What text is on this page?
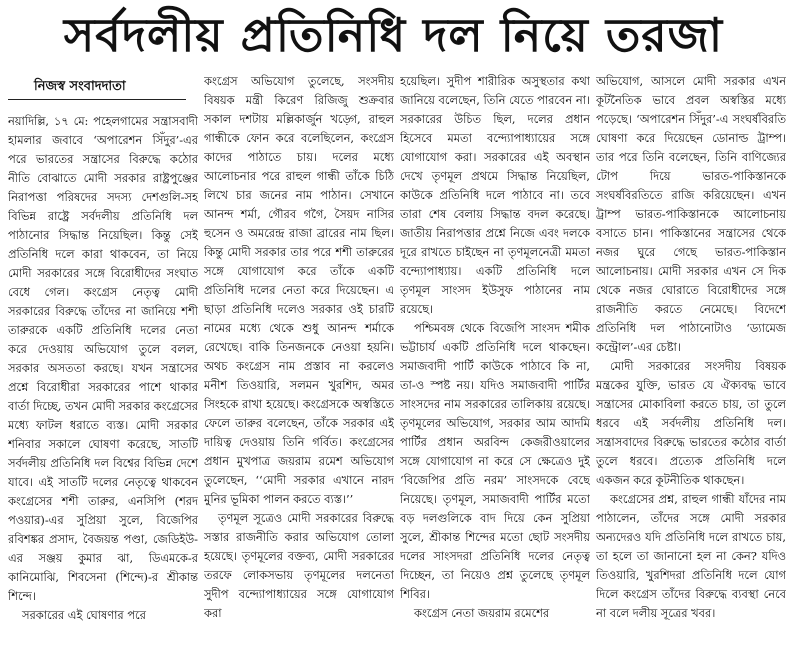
সর্বদলীয় প্রতিনিধি দল নিয়ে তরজা
নিজস্ব সংবাদদাতা

নয়াদিল্লি, ১৭ মে: পহেলগামের সন্ত্রাসবাদী হামলার জবাবে ‘অপারেশন সিঁদুর’-এর পরে ভারতের সন্ত্রাসের বিরুদ্ধে কঠোর নীতি বোঝাতে মোদী সরকার রাষ্ট্রপুঞ্জের নিরাপত্তা পরিষদের সদস্য দেশগুলি-সহ বিভিন্ন রাষ্ট্রে সর্বদলীয় প্রতিনিধি দল পাঠানোর সিদ্ধান্ত নিয়েছিল। কিন্তু সেই প্রতিনিধি দলে কারা থাকবেন, তা নিয়ে মোদী সরকারের সঙ্গে বিরোধীদের সংঘাত বেধে গেল। কংগ্রেস নেতৃত্ব মোদী সরকারের বিরুদ্ধে তাঁদের না জানিয়ে শশী তারুরকে একটি প্রতিনিধি দলের নেতা করে দেওয়ায় অভিযোগ তুলে বলল, সরকার অসততা করছে। যখন সন্ত্রাসের প্রশ্নে বিরোধীরা সরকারের পাশে থাকার বার্তা দিচ্ছে, তখন মোদী সরকার কংগ্রেসের মধ্যে ফাটল ধরাতে ব্যস্ত। মোদী সরকার শনিবার সকালে ঘোষণা করেছে, সাতটি সর্বদলীয় প্রতিনিধি দল বিশ্বের বিভিন্ন দেশে যাবে। এই সাতটি দলের নেতৃত্বে থাকবেন কংগ্রেসের শশী তারুর, এনসিপি (শরদ পওয়ার)-এর সুপ্রিয়া সুলে, বিজেপির রবিশঙ্কর প্রসাদ, বৈজয়ন্ত পণ্ডা, জেডিইউ-এর সঞ্জয় কুমার ঝা, ডিএমকে-র কানিমোঝি, শিবসেনা (শিন্দে)-র শ্রীকান্ত শিন্দে।

সরকারের এই ঘোষণার পরে

কংগ্রেস অভিযোগ তুলেছে, সংসদীয় বিষয়ক মন্ত্রী কিরেণ রিজিজু শুক্রবার সকাল দশটায় মল্লিকার্জুন খড়্গে, রাহুল গান্ধীকে ফোন করে বলেছিলেন, কংগ্রেস কাদের পাঠাতে চায়। দলের মধ্যে আলোচনার পরে রাহুল গান্ধী তাঁকে চিঠি লিখে চার জনের নাম পাঠান। সেখানে আনন্দ শর্মা, গৌরব গগৈ, সৈয়দ নাসির হুসেন ও অমরেন্দ্র রাজা ব্রারের নাম ছিল। কিন্তু মোদী সরকার তার পরে শশী তারুরের সঙ্গে যোগাযোগ করে তাঁকে একটি প্রতিনিধি দলের নেতা করে দিয়েছেন। এ ছাড়া প্রতিনিধি দলেও সরকার ওই চারটি নামের মধ্যে থেকে শুধু আনন্দ শর্মাকে রেখেছে। বাকি তিনজনকে নেওয়া হয়নি। অথচ কংগ্রেস নাম প্রস্তাব না করলেও মনীশ তিওয়ারি, সলমন খুরশিদ, অমর সিংহকে রাখা হয়েছে। কংগ্রেসকে অস্বস্তিতে ফেলে তারুর বলেছেন, তাঁকে সরকার এই দায়িত্ব দেওয়ায় তিনি গর্বিত। কংগ্রেসের প্রধান মুখপাত্র জয়রাম রমেশ অভিযোগ তুলেছেন, ‘‘মোদী সরকার এখানে নারদ মুনির ভূমিকা পালন করতে ব্যস্ত।’’

তৃণমূল সূত্রেও মোদী সরকারের বিরুদ্ধে সস্তার রাজনীতি করার অভিযোগ তোলা হয়েছে। তৃণমূলের বক্তব্য, মোদী সরকারের তরফে লোকসভায় তৃণমূলের দলনেতা সুদীপ বন্দ্যোপাধ্যায়ের সঙ্গে যোগাযোগ করা

হয়েছিল। সুদীপ শারীরিক অসুস্থতার কথা জানিয়ে বলেছেন, তিনি যেতে পারবেন না। সরকারের উচিত ছিল, দলের প্রধান হিসেবে মমতা বন্দ্যোপাধ্যায়ের সঙ্গে যোগাযোগ করা। সরকারের এই অবস্থান দেখে তৃণমূল প্রথমে সিদ্ধান্ত নিয়েছিল, কাউকে প্রতিনিধি দলে পাঠাবে না। তবে তারা শেষ বেলায় সিদ্ধান্ত বদল করেছে। জাতীয় নিরাপত্তার প্রশ্নে নিজে এবং দলকে দূরে রাখতে চাইছেন না তৃণমূলনেত্রী মমতা বন্দ্যোপাধ্যায়। একটি প্রতিনিধি দলে তৃণমূল সাংসদ ইউসুফ পাঠানের নাম রয়েছে।

পশ্চিমবঙ্গ থেকে বিজেপি সাংসদ শমীক ভট্টাচার্য একটি প্রতিনিধি দলে থাকছেন। সমাজবাদী পার্টি কাউকে পাঠাবে কি না, তা-ও স্পষ্ট নয়। যদিও সমাজবাদী পার্টির সাংসদের নাম সরকারের তালিকায় রয়েছে। তৃণমূলের অভিযোগ, সরকার আম আদমি পার্টির প্রধান অরবিন্দ কেজরীওয়ালের সঙ্গে যোগাযোগ না করে সে ক্ষেত্রেও দুই ‘বিজেপির প্রতি নরম’ সাংসদকে বেছে নিয়েছে। তৃণমূল, সমাজবাদী পার্টির মতো বড় দলগুলিকে বাদ দিয়ে কেন সুপ্রিয়া সুলে, শ্রীকান্ত শিন্দের মতো ছোট সংসদীয় দলের সাংসদরা প্রতিনিধি দলের নেতৃত্ব দিচ্ছেন, তা নিয়েও প্রশ্ন তুলেছে তৃণমূল শিবির।

কংগ্রেস নেতা জয়রাম রমেশের

অভিযোগ, আসলে মোদী সরকার এখন কূটনৈতিক ভাবে প্রবল অস্বস্তির মধ্যে পড়েছে। ‘অপারেশন সিঁদুর’-এ সংঘর্ষবিরতি ঘোষণা করে দিয়েছেন ডোনাল্ড ট্রাম্প। তার পরে তিনি বলেছেন, তিনি বাণিজ্যের টোপ দিয়ে ভারত-পাকিস্তানকে সংঘর্ষবিরতিতে রাজি করিয়েছেন। এখন ট্রাম্প ভারত-পাকিস্তানকে আলোচনায় বসাতে চান। পাকিস্তানের সন্ত্রাসের থেকে নজর ঘুরে গেছে ভারত-পাকিস্তান আলোচনায়। মোদী সরকার এখন সে দিক থেকে নজর ঘোরাতে বিরোধীদের সঙ্গে রাজনীতি করতে নেমেছে। বিদেশে প্রতিনিধি দল পাঠানোটাও ‘ড্যামেজ কন্ট্রোল’-এর চেষ্টা।

মোদী সরকারের সংসদীয় বিষয়ক মন্ত্রকের যুক্তি, ভারত যে ঐক্যবদ্ধ ভাবে সন্ত্রাসের মোকাবিলা করতে চায়, তা তুলে ধরবে এই সর্বদলীয় প্রতিনিধি দল। সন্ত্রাসবাদের বিরুদ্ধে ভারতের কঠোর বার্তা তুলে ধরবে। প্রত্যেক প্রতিনিধি দলে একজন করে কূটনীতিক থাকছেন।

কংগ্রেসের প্রশ্ন, রাহুল গান্ধী যাঁদের নাম পাঠালেন, তাঁদের সঙ্গে মোদী সরকার অন্যদেরও যদি প্রতিনিধি দলে রাখতে চায়, তা হলে তা জানানো হল না কেন? যদিও তিওয়ারি, খুরশিদরা প্রতিনিধি দলে যোগ দিলে কংগ্রেস তাঁদের বিরুদ্ধে ব্যবস্থা নেবে না বলে দলীয় সূত্রের খবর।
